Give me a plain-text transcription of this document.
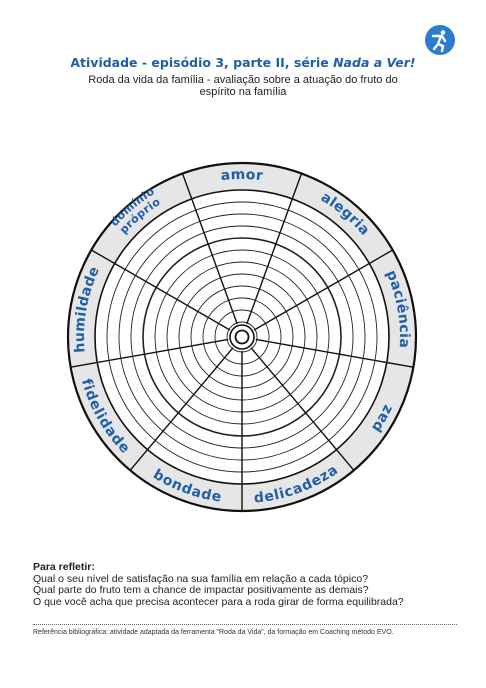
Atividade - episódio 3, parte II, série Nada a Ver!
Roda da vida da família - avaliação sobre a atuação do fruto do espírito na família
amor
alegria
paciência
paz
delicadeza
bondade
fidelidade
humildade
domínio
próprio
Para refletir:
Qual o seu nível de satisfação na sua família em relação a cada tópico?
Qual parte do fruto tem a chance de impactar positivamente as demais?
O que você acha que precisa acontecer para a roda girar de forma equilibrada?
Referência bibliográfica: atividade adaptada da ferramenta “Roda da Vida”, da formação em Coaching método EVO.
